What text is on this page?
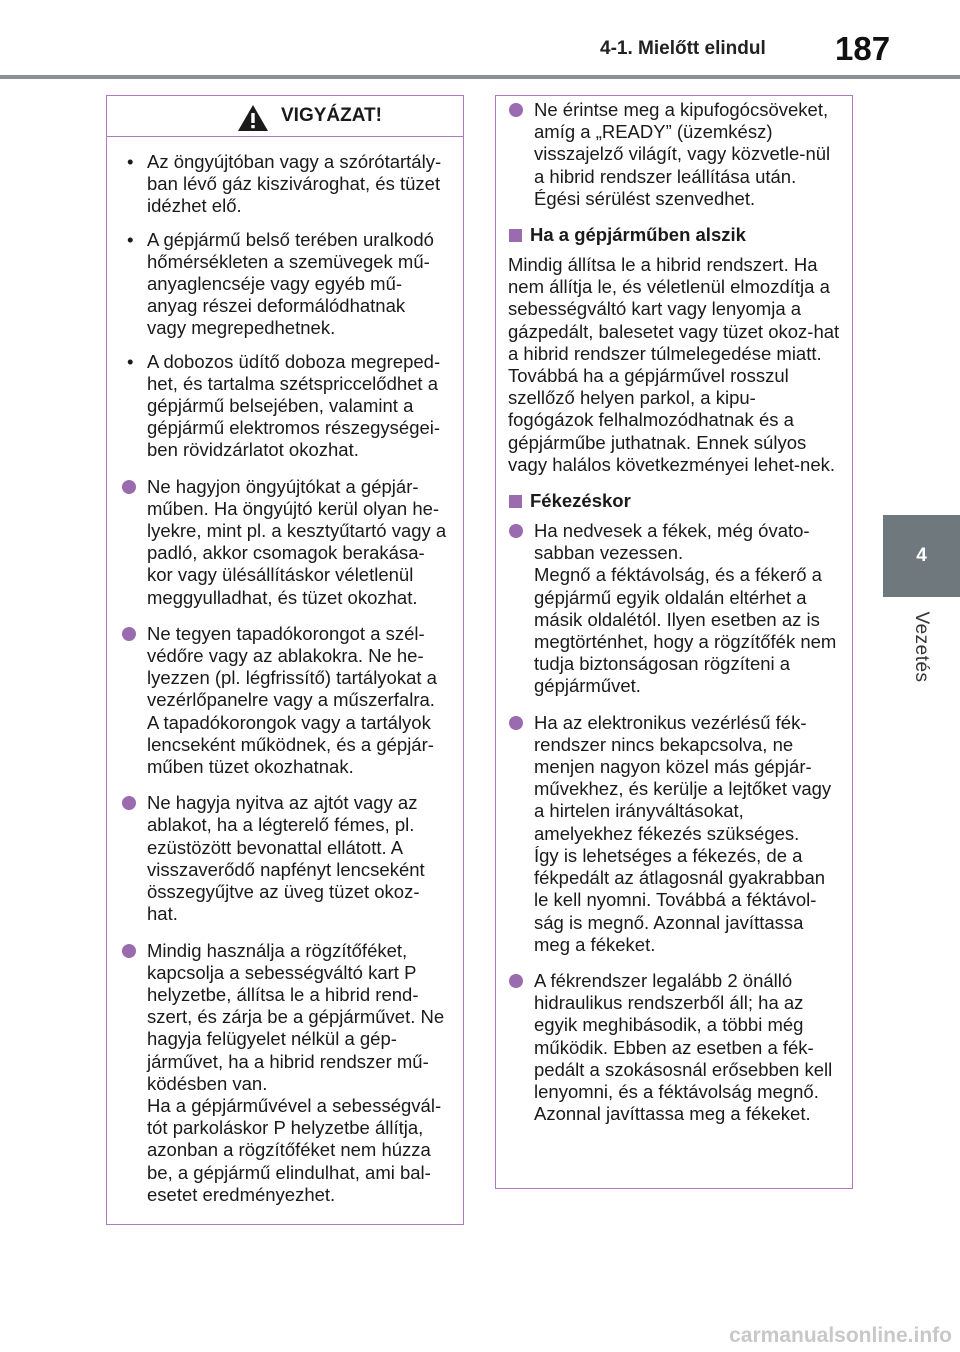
4-1. Mielőtt elindul 187
4
Vezetés
VIGYÁZAT!
• Az öngyújtóban vagy a szórótartály-ban lévő gáz kiszivároghat, és tüzet idézhet elő.
• A gépjármű belső terében uralkodó hőmérsékleten a szemüvegek mű-anyaglencséje vagy egyéb mű-anyag részei deformálódhatnak vagy megrepedhetnek.
• A dobozos üdítő doboza megreped-het, és tartalma szétspriccelődhet a gépjármű belsejében, valamint a gépjármű elektromos részegységei-ben rövidzárlatot okozhat.
Ne hagyjon öngyújtókat a gépjár-műben. Ha öngyújtó kerül olyan he-lyekre, mint pl. a kesztyűtartó vagy a padló, akkor csomagok berakása-kor vagy ülésállításkor véletlenül meggyulladhat, és tüzet okozhat.
Ne tegyen tapadókorongot a szél-védőre vagy az ablakokra. Ne he-lyezzen (pl. légfrissítő) tartályokat a vezérlőpanelre vagy a műszerfalra. A tapadókorongok vagy a tartályok lencseként működnek, és a gépjár-műben tüzet okozhatnak.
Ne hagyja nyitva az ajtót vagy az ablakot, ha a légterelő fémes, pl. ezüstözött bevonattal ellátott. A visszaverődő napfényt lencseként összegyűjtve az üveg tüzet okoz-hat.
Mindig használja a rögzítőféket, kapcsolja a sebességváltó kart P helyzetbe, állítsa le a hibrid rend-szert, és zárja be a gépjárművet. Ne hagyja felügyelet nélkül a gép-járművet, ha a hibrid rendszer mű-ködésben van.
Ha a gépjárművével a sebességvál-tót parkoláskor P helyzetbe állítja, azonban a rögzítőféket nem húzza be, a gépjármű elindulhat, ami bal-esetet eredményezhet.
Ne érintse meg a kipufogócsöveket, amíg a „READY” (üzemkész) visszajelző világít, vagy közvetle-nül a hibrid rendszer leállítása után. Égési sérülést szenvedhet.
Ha a gépjárműben alszik
Mindig állítsa le a hibrid rendszert. Ha nem állítja le, és véletlenül elmozdítja a sebességváltó kart vagy lenyomja a gázpedált, balesetet vagy tüzet okoz-hat a hibrid rendszer túlmelegedése miatt. Továbbá ha a gépjárművel rosszul szellőző helyen parkol, a kipu-fogógázok felhalmozódhatnak és a gépjárműbe juthatnak. Ennek súlyos vagy halálos következményei lehet-nek.
Fékezéskor
Ha nedvesek a fékek, még óvato-sabban vezessen.
Megnő a féktávolság, és a fékerő a gépjármű egyik oldalán eltérhet a másik oldalétól. Ilyen esetben az is megtörténhet, hogy a rögzítőfék nem tudja biztonságosan rögzíteni a gépjárművet.
Ha az elektronikus vezérlésű fék-rendszer nincs bekapcsolva, ne menjen nagyon közel más gépjár-művekhez, és kerülje a lejtőket vagy a hirtelen irányváltásokat, amelyekhez fékezés szükséges.
Így is lehetséges a fékezés, de a fékpedált az átlagosnál gyakrabban le kell nyomni. Továbbá a féktávol-ság is megnő. Azonnal javíttassa meg a fékeket.
A fékrendszer legalább 2 önálló hidraulikus rendszerből áll; ha az egyik meghibásodik, a többi még működik. Ebben az esetben a fék-pedált a szokásosnál erősebben kell lenyomni, és a féktávolság megnő. Azonnal javíttassa meg a fékeket.
carmanualsonline.info
